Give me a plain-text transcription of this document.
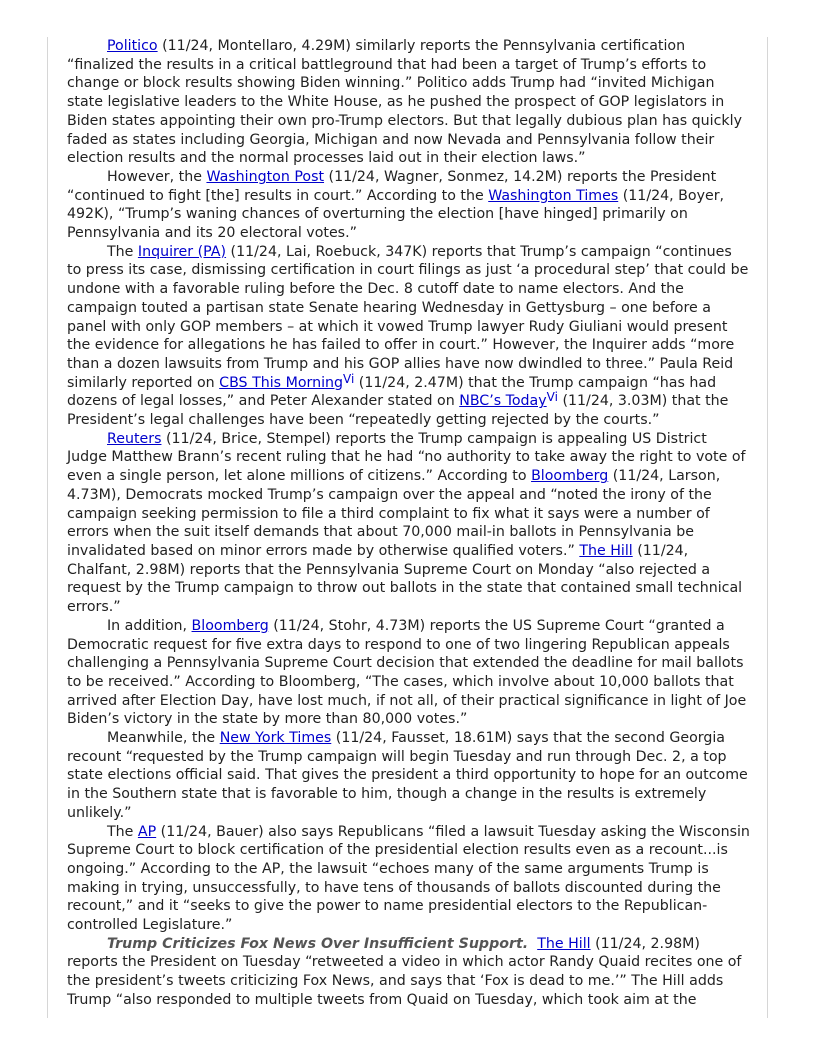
Politico (11/24, Montellaro, 4.29M) similarly reports the Pennsylvania certification “finalized the results in a critical battleground that had been a target of Trump’s efforts to change or block results showing Biden winning.” Politico adds Trump had “invited Michigan state legislative leaders to the White House, as he pushed the prospect of GOP legislators in Biden states appointing their own pro-Trump electors. But that legally dubious plan has quickly faded as states including Georgia, Michigan and now Nevada and Pennsylvania follow their election results and the normal processes laid out in their election laws.”

However, the Washington Post (11/24, Wagner, Sonmez, 14.2M) reports the President “continued to fight [the] results in court.” According to the Washington Times (11/24, Boyer, 492K), “Trump’s waning chances of overturning the election [have hinged] primarily on Pennsylvania and its 20 electoral votes.”

The Inquirer (PA) (11/24, Lai, Roebuck, 347K) reports that Trump’s campaign “continues to press its case, dismissing certification in court filings as just ‘a procedural step’ that could be undone with a favorable ruling before the Dec. 8 cutoff date to name electors. And the campaign touted a partisan state Senate hearing Wednesday in Gettysburg – one before a panel with only GOP members – at which it vowed Trump lawyer Rudy Giuliani would present the evidence for allegations he has failed to offer in court.” However, the Inquirer adds “more than a dozen lawsuits from Trump and his GOP allies have now dwindled to three.” Paula Reid similarly reported on CBS This Morning$^{Vi}$ (11/24, 2.47M) that the Trump campaign “has had dozens of legal losses,” and Peter Alexander stated on NBC’s Today$^{Vi}$ (11/24, 3.03M) that the President’s legal challenges have been “repeatedly getting rejected by the courts.”

Reuters (11/24, Brice, Stempel) reports the Trump campaign is appealing US District Judge Matthew Brann’s recent ruling that he had “no authority to take away the right to vote of even a single person, let alone millions of citizens.” According to Bloomberg (11/24, Larson, 4.73M), Democrats mocked Trump’s campaign over the appeal and “noted the irony of the campaign seeking permission to file a third complaint to fix what it says were a number of errors when the suit itself demands that about 70,000 mail-in ballots in Pennsylvania be invalidated based on minor errors made by otherwise qualified voters.” The Hill (11/24, Chalfant, 2.98M) reports that the Pennsylvania Supreme Court on Monday “also rejected a request by the Trump campaign to throw out ballots in the state that contained small technical errors.”

In addition, Bloomberg (11/24, Stohr, 4.73M) reports the US Supreme Court “granted a Democratic request for five extra days to respond to one of two lingering Republican appeals challenging a Pennsylvania Supreme Court decision that extended the deadline for mail ballots to be received.” According to Bloomberg, “The cases, which involve about 10,000 ballots that arrived after Election Day, have lost much, if not all, of their practical significance in light of Joe Biden’s victory in the state by more than 80,000 votes.”

Meanwhile, the New York Times (11/24, Fausset, 18.61M) says that the second Georgia recount “requested by the Trump campaign will begin Tuesday and run through Dec. 2, a top state elections official said. That gives the president a third opportunity to hope for an outcome in the Southern state that is favorable to him, though a change in the results is extremely unlikely.”

The AP (11/24, Bauer) also says Republicans “filed a lawsuit Tuesday asking the Wisconsin Supreme Court to block certification of the presidential election results even as a recount...is ongoing.” According to the AP, the lawsuit “echoes many of the same arguments Trump is making in trying, unsuccessfully, to have tens of thousands of ballots discounted during the recount,” and it “seeks to give the power to name presidential electors to the Republican-controlled Legislature.”

Trump Criticizes Fox News Over Insufficient Support. The Hill (11/24, 2.98M) reports the President on Tuesday “retweeted a video in which actor Randy Quaid recites one of the president’s tweets criticizing Fox News, and says that ‘Fox is dead to me.’” The Hill adds Trump “also responded to multiple tweets from Quaid on Tuesday, which took aim at the
